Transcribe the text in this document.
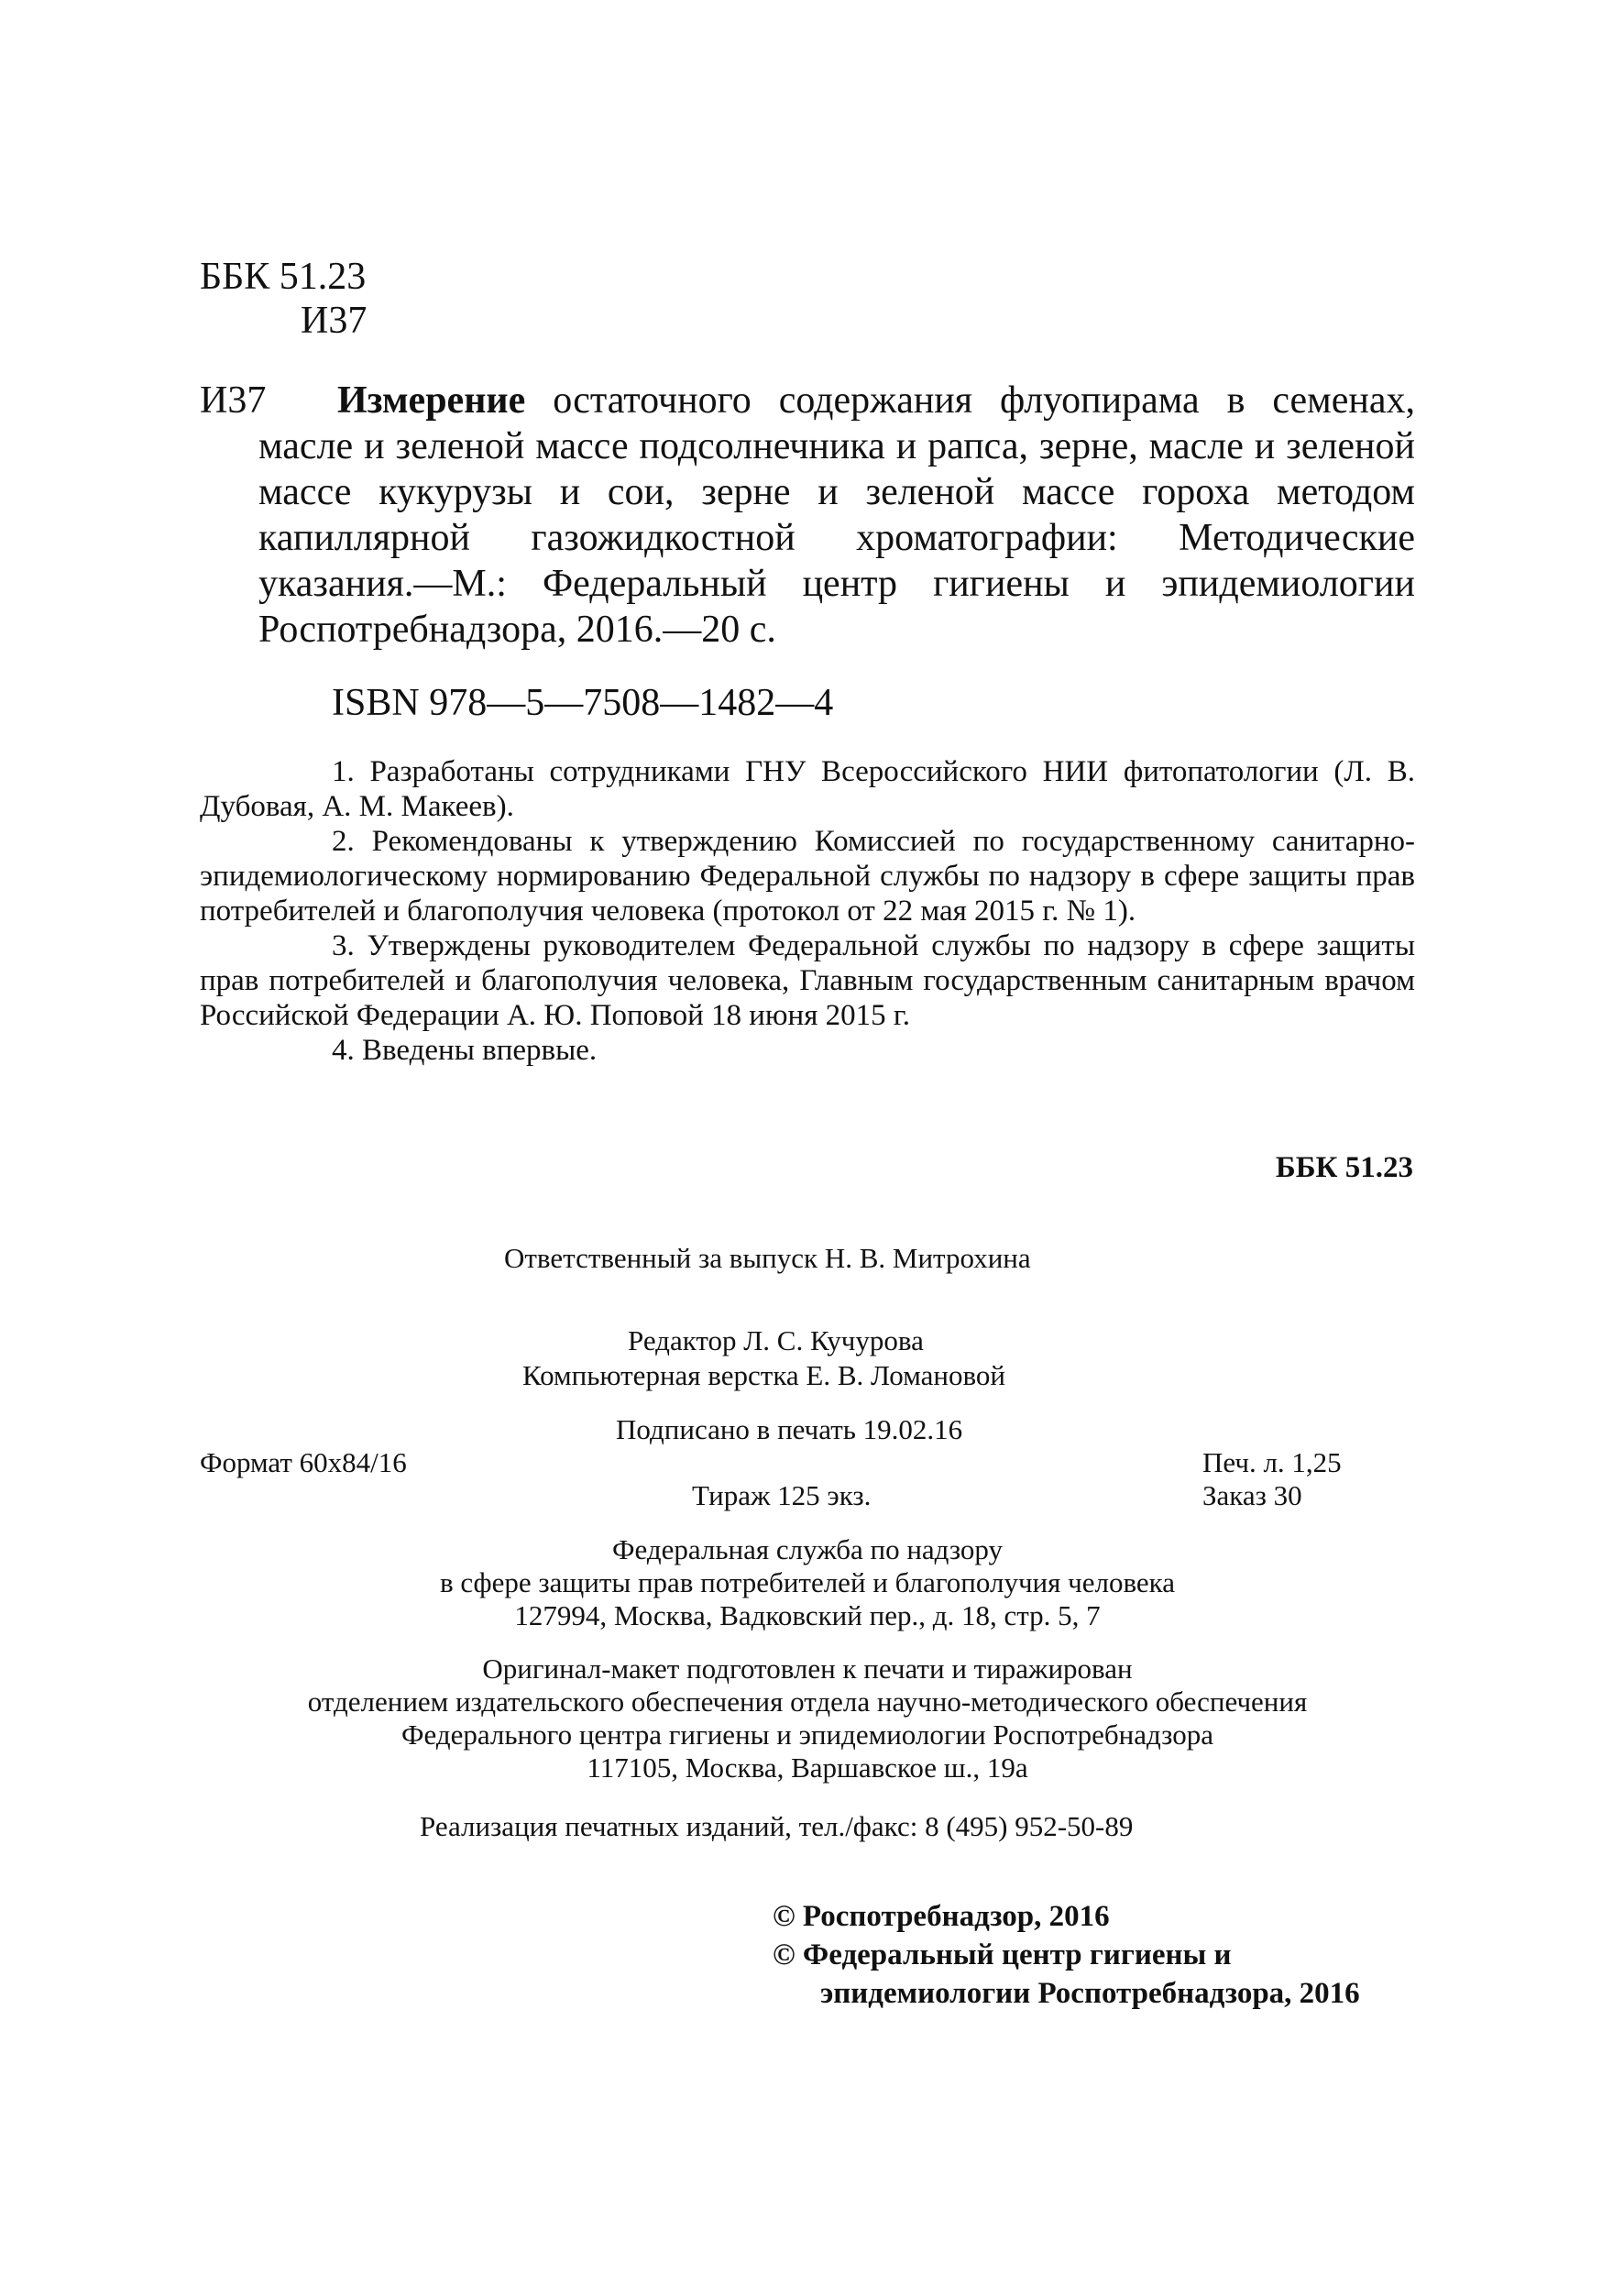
ББК 51.23
И37
И37	Измерение остаточного содержания флуопирама в семенах, масле и зеленой массе подсолнечника и рапса, зерне, масле и зеленой массе кукурузы и сои, зерне и зеленой массе гороха методом капиллярной газожидкостной хроматографии: Методические указания.—М.: Федеральный центр гигиены и эпидемиологии Роспотребнадзора, 2016.—20 с.
ISBN 978—5—7508—1482—4

1. Разработаны сотрудниками ГНУ Всероссийского НИИ фитопатологии (Л. В. Дубовая, А. М. Макеев).

2. Рекомендованы к утверждению Комиссией по государственному санитарно-эпидемиологическому нормированию Федеральной службы по надзору в сфере защиты прав потребителей и благополучия человека (протокол от 22 мая 2015 г. № 1).

3. Утверждены руководителем Федеральной службы по надзору в сфере защиты прав потребителей и благополучия человека, Главным государственным санитарным врачом Российской Федерации А. Ю. Поповой 18 июня 2015 г.

4. Введены впервые.

ББК 51.23
Ответственный за выпуск Н. В. Митрохина
Редактор Л. С. Кучурова
Компьютерная верстка Е. В. Ломановой
Подписано в печать 19.02.16
Формат 60x84/16	Печ. л. 1,25
Тираж 125 экз.	Заказ 30
Федеральная служба по надзору
в сфере защиты прав потребителей и благополучия человека
127994, Москва, Вадковский пер., д. 18, стр. 5, 7
Оригинал-макет подготовлен к печати и тиражирован
отделением издательского обеспечения отдела научно-методического обеспечения
Федерального центра гигиены и эпидемиологии Роспотребнадзора
117105, Москва, Варшавское ш., 19а
Реализация печатных изданий, тел./факс: 8 (495) 952-50-89
© Роспотребнадзор, 2016
© Федеральный центр гигиены и
эпидемиологии Роспотребнадзора, 2016
